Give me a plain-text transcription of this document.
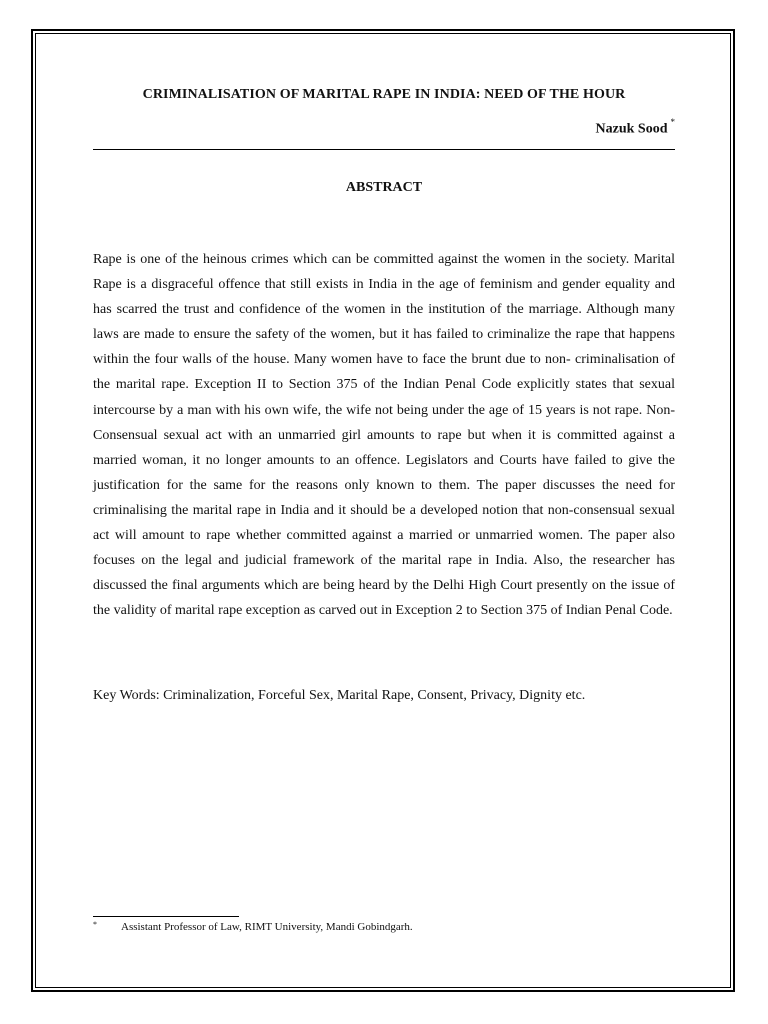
CRIMINALISATION OF MARITAL RAPE IN INDIA: NEED OF THE HOUR
Nazuk Sood *
ABSTRACT

Rape is one of the heinous crimes which can be committed against the women in the society. Marital Rape is a disgraceful offence that still exists in India in the age of feminism and gender equality and has scarred the trust and confidence of the women in the institution of the marriage. Although many laws are made to ensure the safety of the women, but it has failed to criminalize the rape that happens within the four walls of the house. Many women have to face the brunt due to non- criminalisation of the marital rape. Exception II to Section 375 of the Indian Penal Code explicitly states that sexual intercourse by a man with his own wife, the wife not being under the age of 15 years is not rape. Non- Consensual sexual act with an unmarried girl amounts to rape but when it is committed against a married woman, it no longer amounts to an offence. Legislators and Courts have failed to give the justification for the same for the reasons only known to them. The paper discusses the need for criminalising the marital rape in India and it should be a developed notion that non-consensual sexual act will amount to rape whether committed against a married or unmarried women. The paper also focuses on the legal and judicial framework of the marital rape in India. Also, the researcher has discussed the final arguments which are being heard by the Delhi High Court presently on the issue of the validity of marital rape exception as carved out in Exception 2 to Section 375 of Indian Penal Code.

Key Words: Criminalization, Forceful Sex, Marital Rape, Consent, Privacy, Dignity etc.

* Assistant Professor of Law, RIMT University, Mandi Gobindgarh.
